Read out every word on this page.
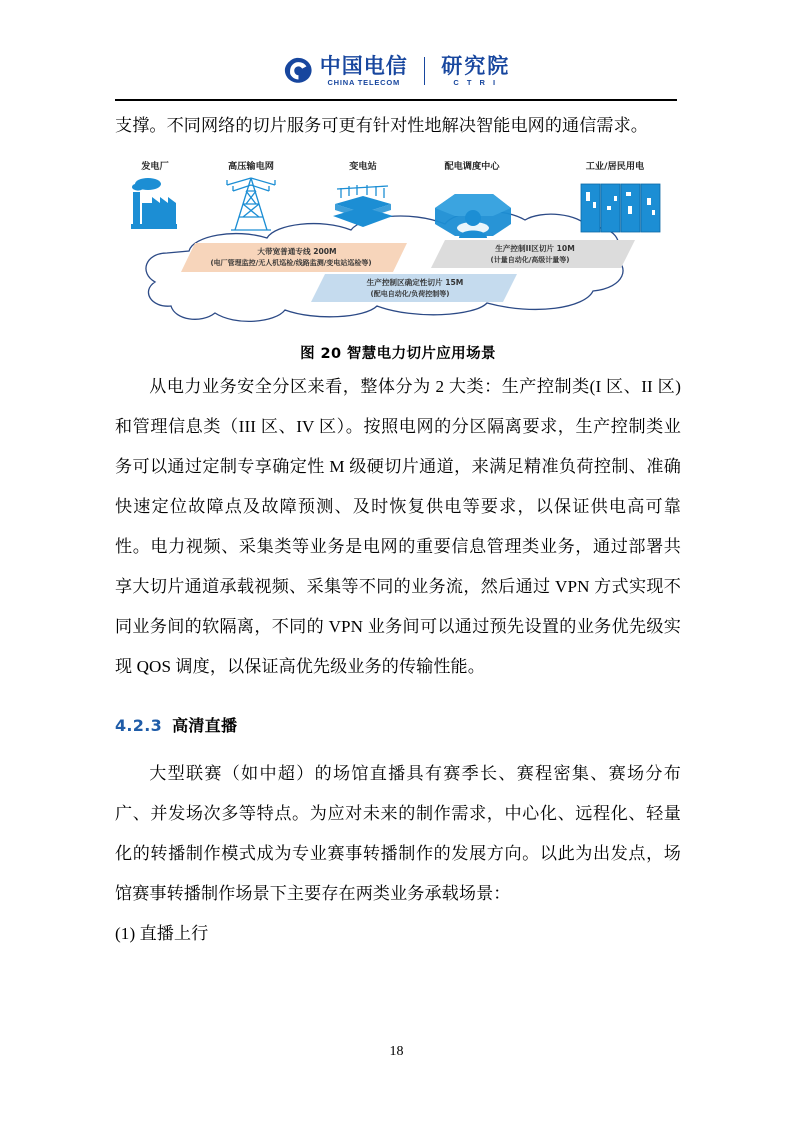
中国电信
CHINA TELECOM
研究院
C T R I

支撑。不同网络的切片服务可更有针对性地解决智能电网的通信需求。

发电厂	高压输电网	变电站	配电调度中心	工业/居民用电
大带宽普通专线 200M
(电厂管理监控/无人机巡检/线路监测/变电站巡检等)
生产控制II区切片 10M
(计量自动化/高级计量等)
生产控制区确定性切片 15M
(配电自动化/负荷控制等)
图 20 智慧电力切片应用场景

从电力业务安全分区来看，整体分为 2 大类：生产控制类(I 区、II 区)和管理信息类（III 区、IV 区）。按照电网的分区隔离要求，生产控制类业务可以通过定制专享确定性 M 级硬切片通道，来满足精准负荷控制、准确快速定位故障点及故障预测、及时恢复供电等要求，以保证供电高可靠性。电力视频、采集类等业务是电网的重要信息管理类业务，通过部署共享大切片通道承载视频、采集等不同的业务流，然后通过 VPN 方式实现不同业务间的软隔离，不同的 VPN 业务间可以通过预先设置的业务优先级实现 QOS 调度，以保证高优先级业务的传输性能。

4.2.3 高清直播

大型联赛（如中超）的场馆直播具有赛季长、赛程密集、赛场分布广、并发场次多等特点。为应对未来的制作需求，中心化、远程化、轻量化的转播制作模式成为专业赛事转播制作的发展方向。以此为出发点，场馆赛事转播制作场景下主要存在两类业务承载场景：

(1) 直播上行

18
